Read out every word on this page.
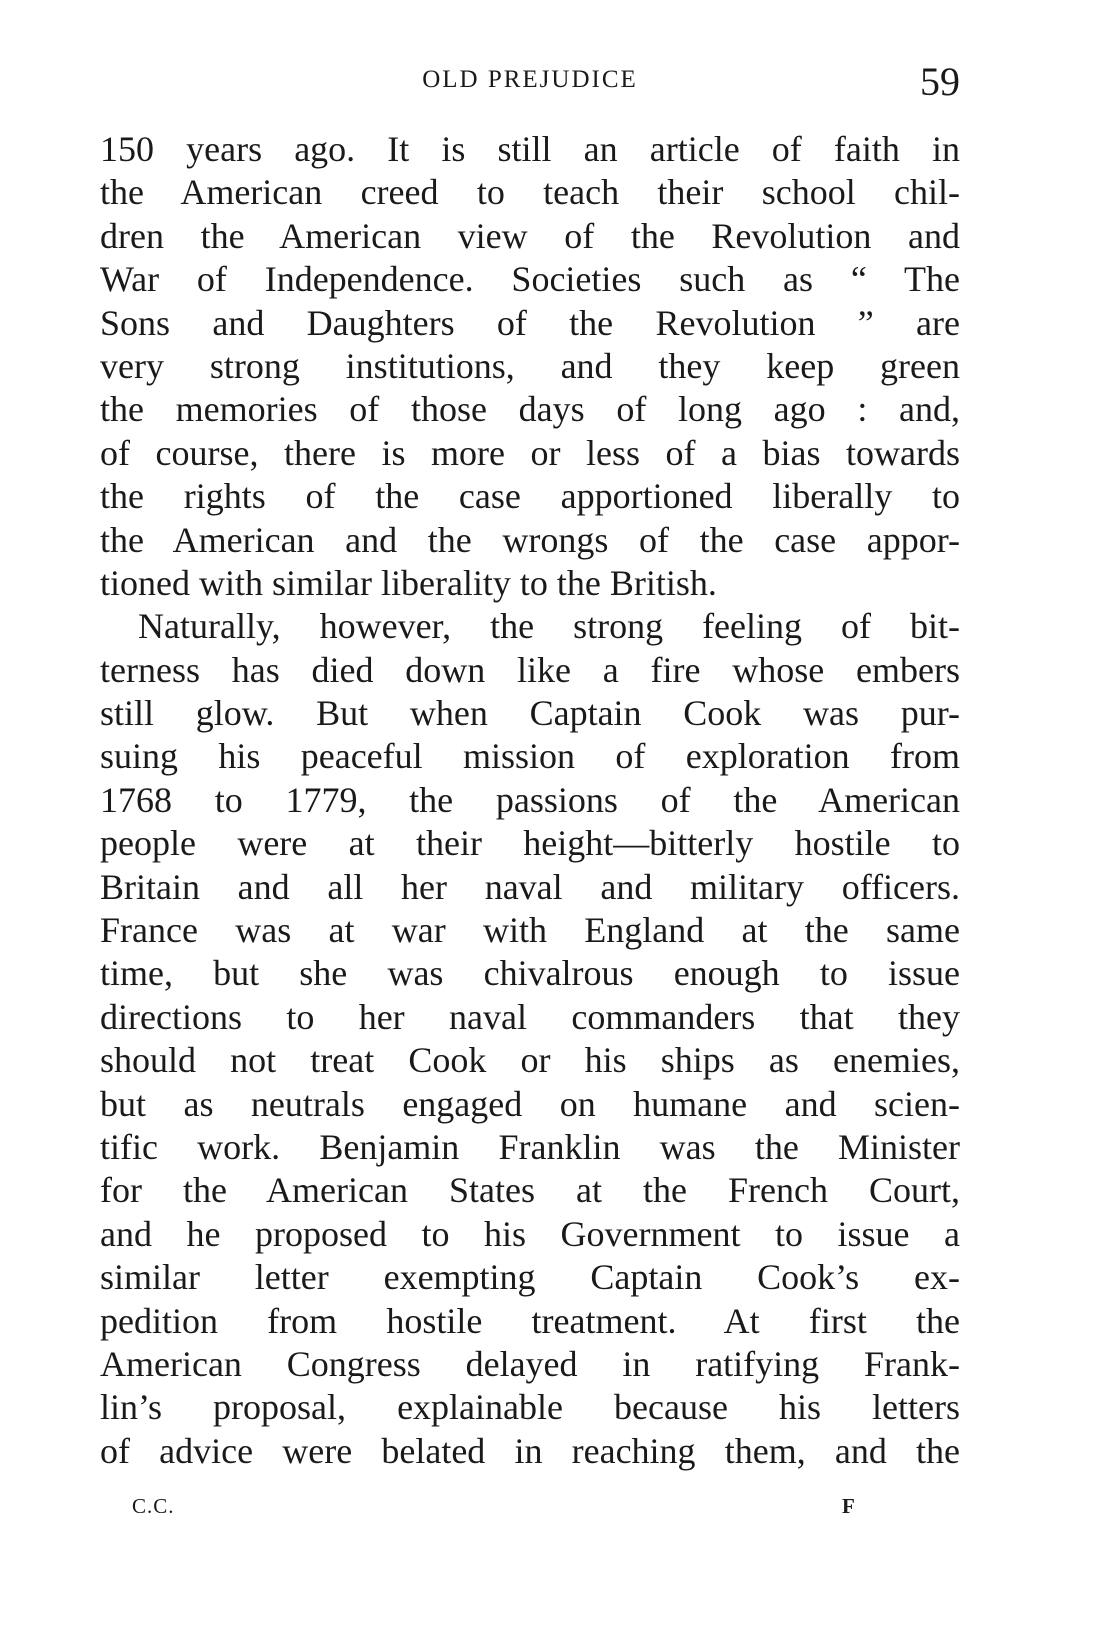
OLD PREJUDICE	59
150 years ago. It is still an article of faith in
the American creed to teach their school chil-
dren the American view of the Revolution and
War of Independence. Societies such as “ The
Sons and Daughters of the Revolution ” are
very strong institutions, and they keep green
the memories of those days of long ago : and,
of course, there is more or less of a bias towards
the rights of the case apportioned liberally to
the American and the wrongs of the case appor-
tioned with similar liberality to the British.
Naturally, however, the strong feeling of bit-
terness has died down like a fire whose embers
still glow. But when Captain Cook was pur-
suing his peaceful mission of exploration from
1768 to 1779, the passions of the American
people were at their height—bitterly hostile to
Britain and all her naval and military officers.
France was at war with England at the same
time, but she was chivalrous enough to issue
directions to her naval commanders that they
should not treat Cook or his ships as enemies,
but as neutrals engaged on humane and scien-
tific work. Benjamin Franklin was the Minister
for the American States at the French Court,
and he proposed to his Government to issue a
similar letter exempting Captain Cook’s ex-
pedition from hostile treatment. At first the
American Congress delayed in ratifying Frank-
lin’s proposal, explainable because his letters
of advice were belated in reaching them, and the
C.C.	F
